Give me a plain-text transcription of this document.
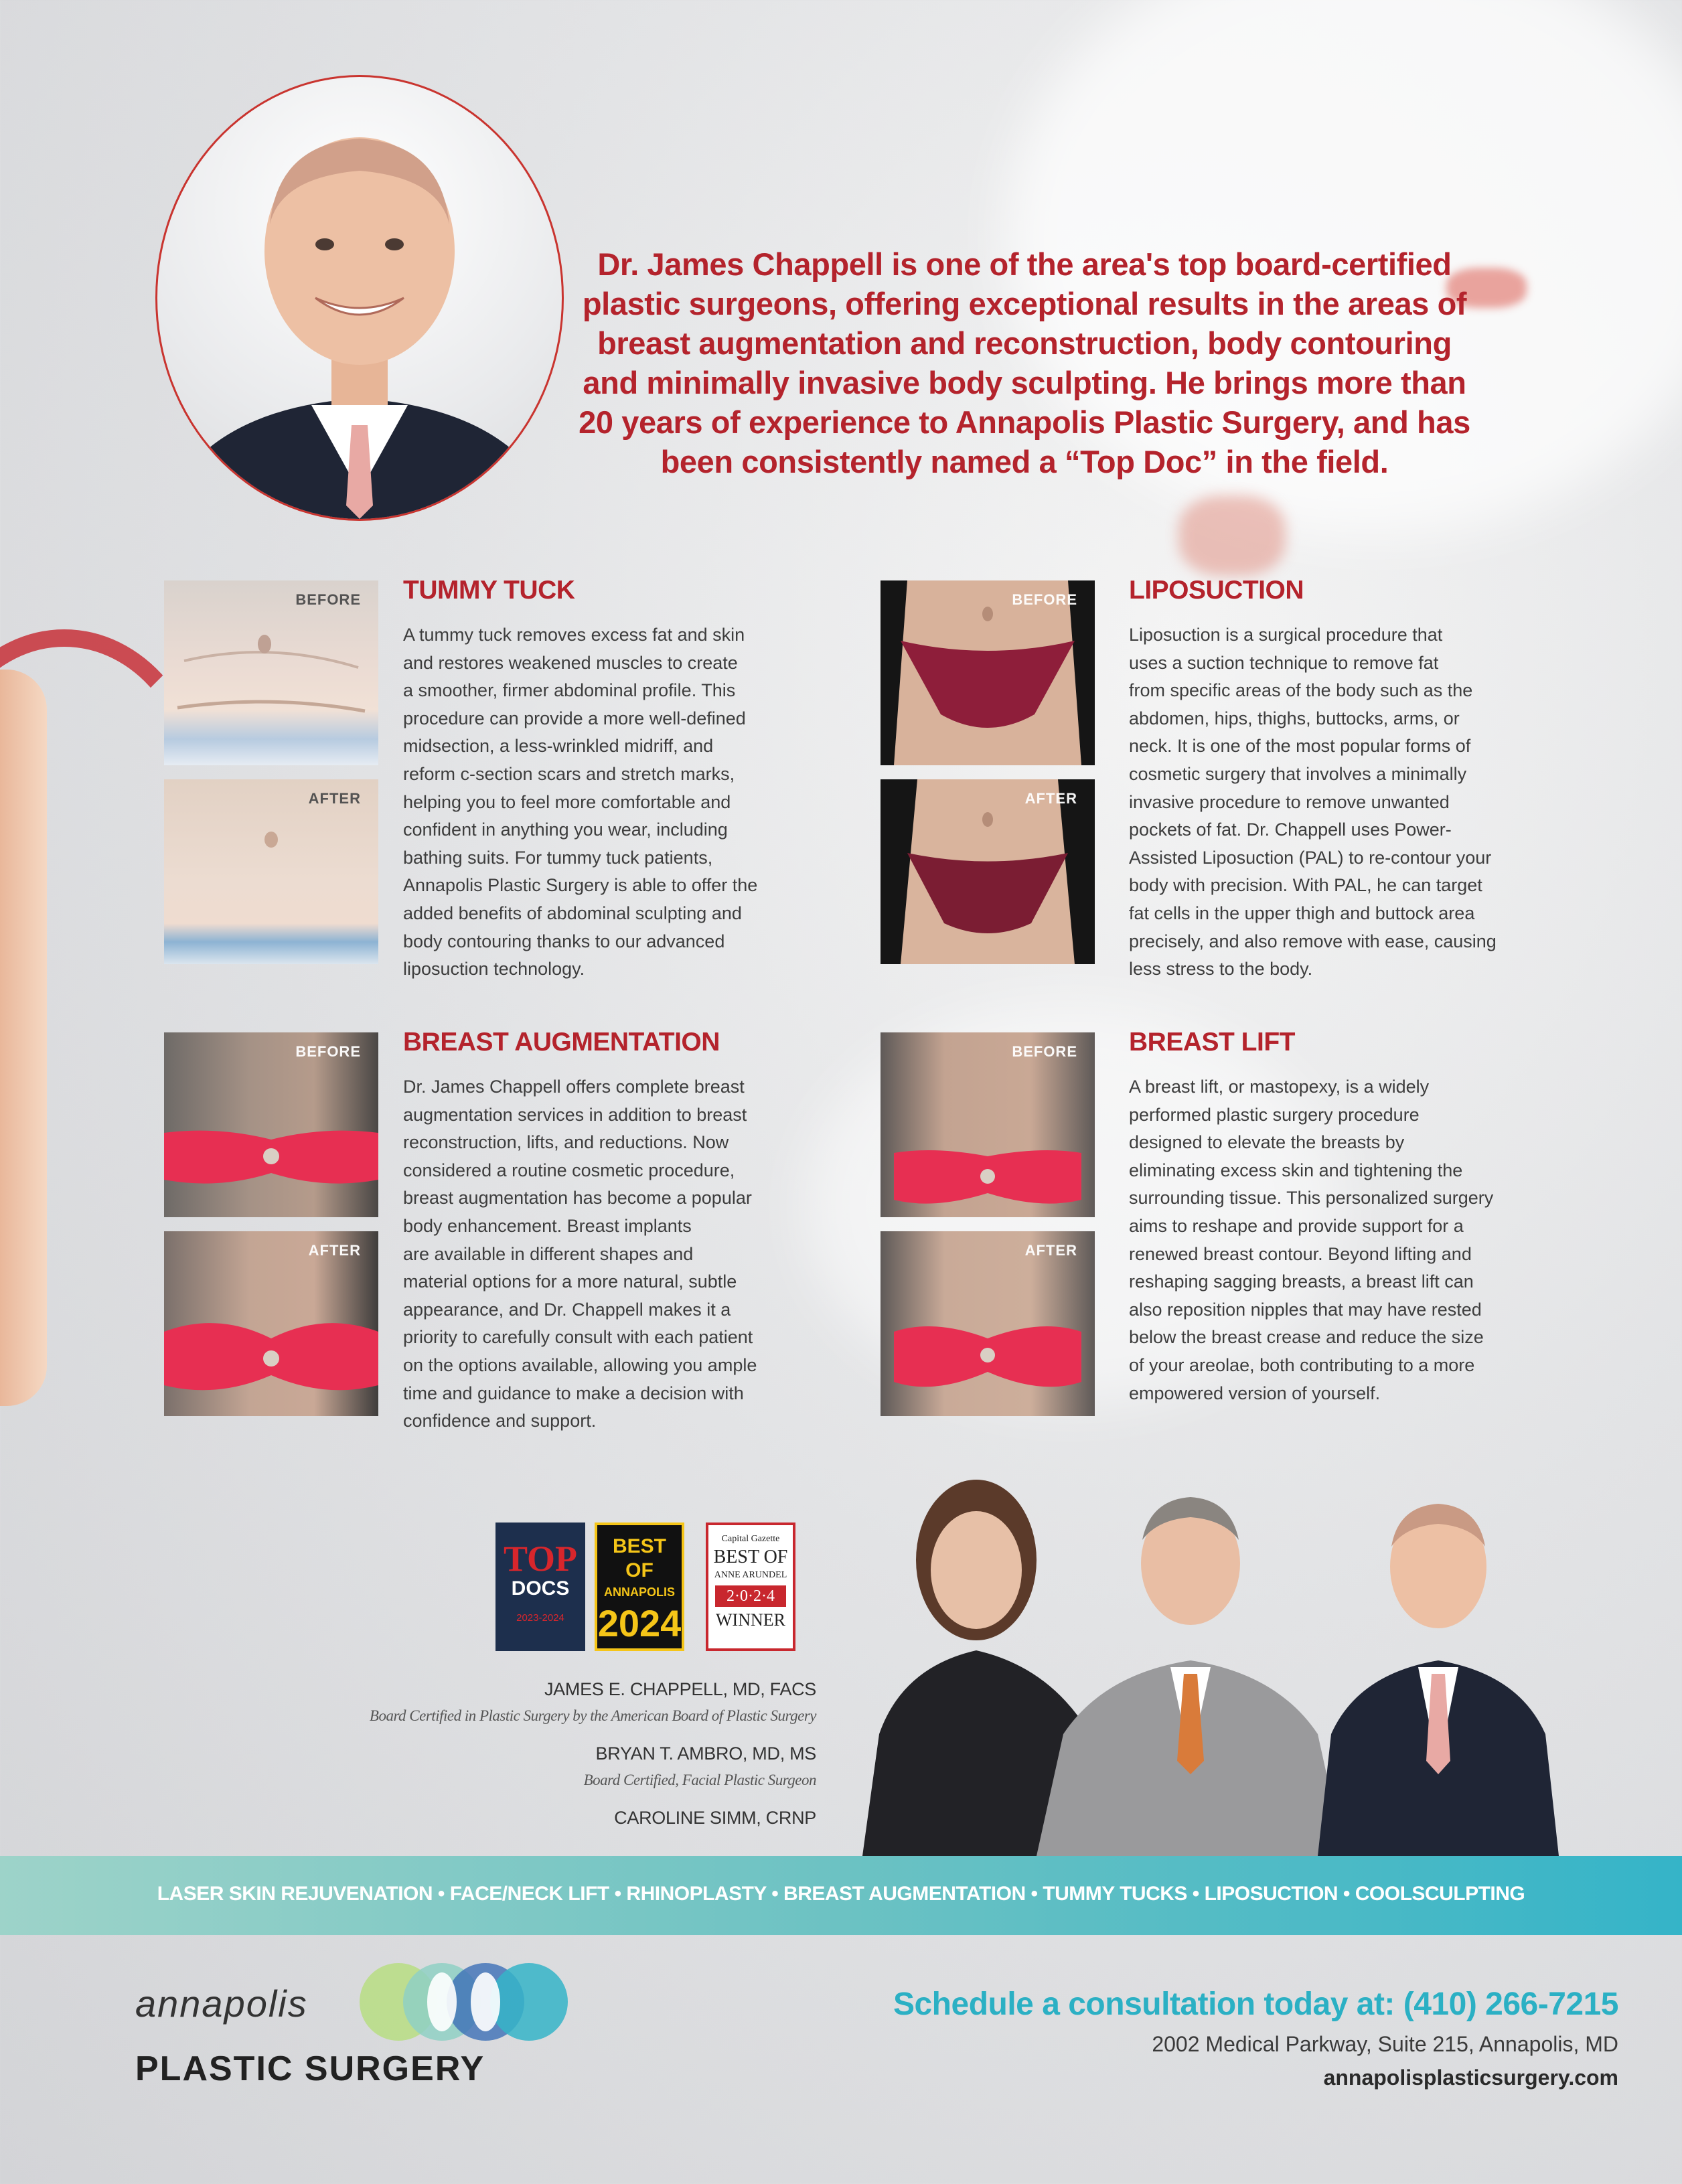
Dr. James Chappell is one of the area's top board-certified plastic surgeons, offering exceptional results in the areas of breast augmentation and reconstruction, body contouring and minimally invasive body sculpting. He brings more than 20 years of experience to Annapolis Plastic Surgery, and has been consistently named a “Top Doc” in the field.
BEFORE
AFTER
TUMMY TUCK
A tummy tuck removes excess fat and skin
and restores weakened muscles to create
a smoother, firmer abdominal profile. This
procedure can provide a more well-defined
midsection, a less-wrinkled midriff, and
reform c-section scars and stretch marks,
helping you to feel more comfortable and
confident in anything you wear, including
bathing suits. For tummy tuck patients,
Annapolis Plastic Surgery is able to offer the
added benefits of abdominal sculpting and
body contouring thanks to our advanced
liposuction technology.
BEFORE
AFTER
LIPOSUCTION
Liposuction is a surgical procedure that
uses a suction technique to remove fat
from specific areas of the body such as the
abdomen, hips, thighs, buttocks, arms, or
neck. It is one of the most popular forms of
cosmetic surgery that involves a minimally
invasive procedure to remove unwanted
pockets of fat. Dr. Chappell uses Power-
Assisted Liposuction (PAL) to re-contour your
body with precision. With PAL, he can target
fat cells in the upper thigh and buttock area
precisely, and also remove with ease, causing
less stress to the body.
BEFORE
AFTER
BREAST AUGMENTATION
Dr. James Chappell offers complete breast
augmentation services in addition to breast
reconstruction, lifts, and reductions. Now
considered a routine cosmetic procedure,
breast augmentation has become a popular
body enhancement. Breast implants
are available in different shapes and
material options for a more natural, subtle
appearance, and Dr. Chappell makes it a
priority to carefully consult with each patient
on the options available, allowing you ample
time and guidance to make a decision with
confidence and support.
BEFORE
AFTER
BREAST LIFT
A breast lift, or mastopexy, is a widely
performed plastic surgery procedure
designed to elevate the breasts by
eliminating excess skin and tightening the
surrounding tissue. This personalized surgery
aims to reshape and provide support for a
renewed breast contour. Beyond lifting and
reshaping sagging breasts, a breast lift can
also reposition nipples that may have rested
below the breast crease and reduce the size
of your areolae, both contributing to a more
empowered version of yourself.
TOP
DOCS
2023-2024
BEST OF
ANNAPOLIS
2024
Capital Gazette
BEST OF
ANNE ARUNDEL
2·0·2·4
WINNER
JAMES E. CHAPPELL, MD, FACS
Board Certified in Plastic Surgery by the American Board of Plastic Surgery
BRYAN T. AMBRO, MD, MS
Board Certified, Facial Plastic Surgeon
CAROLINE SIMM, CRNP
LASER SKIN REJUVENATION • FACE/NECK LIFT • RHINOPLASTY • BREAST AUGMENTATION • TUMMY TUCKS • LIPOSUCTION • COOLSCULPTING
annapolis
PLASTIC SURGERY
Schedule a consultation today at: (410) 266-7215
2002 Medical Parkway, Suite 215, Annapolis, MD
annapolisplasticsurgery.com
